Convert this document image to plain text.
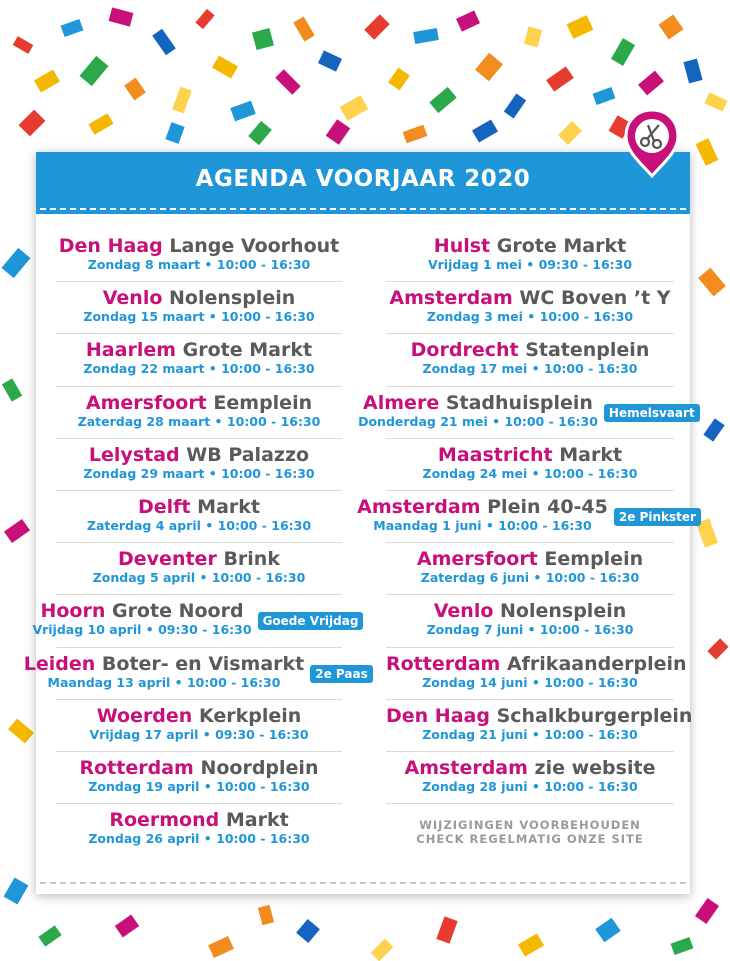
AGENDA VOORJAAR 2020
Den Haag Lange Voorhout
Zondag 8 maart • 10:00 - 16:30
Venlo Nolensplein
Zondag 15 maart • 10:00 - 16:30
Haarlem Grote Markt
Zondag 22 maart • 10:00 - 16:30
Amersfoort Eemplein
Zaterdag 28 maart • 10:00 - 16:30
Lelystad WB Palazzo
Zondag 29 maart • 10:00 - 16:30
Delft Markt
Zaterdag 4 april • 10:00 - 16:30
Deventer Brink
Zondag 5 april • 10:00 - 16:30
Hoorn Grote Noord
Vrijdag 10 april • 09:30 - 16:30
Goede Vrijdag
Leiden Boter- en Vismarkt
Maandag 13 april • 10:00 - 16:30
2e Paas
Woerden Kerkplein
Vrijdag 17 april • 09:30 - 16:30
Rotterdam Noordplein
Zondag 19 april • 10:00 - 16:30
Roermond Markt
Zondag 26 april • 10:00 - 16:30
Hulst Grote Markt
Vrijdag 1 mei • 09:30 - 16:30
Amsterdam WC Boven ’t Y
Zondag 3 mei • 10:00 - 16:30
Dordrecht Statenplein
Zondag 17 mei • 10:00 - 16:30
Almere Stadhuisplein
Donderdag 21 mei • 10:00 - 16:30
Hemelsvaart
Maastricht Markt
Zondag 24 mei • 10:00 - 16:30
Amsterdam Plein 40-45
Maandag 1 juni • 10:00 - 16:30
2e Pinkster
Amersfoort Eemplein
Zaterdag 6 juni • 10:00 - 16:30
Venlo Nolensplein
Zondag 7 juni • 10:00 - 16:30
Rotterdam Afrikaanderplein
Zondag 14 juni • 10:00 - 16:30
Den Haag Schalkburgerplein
Zondag 21 juni • 10:00 - 16:30
Amsterdam zie website
Zondag 28 juni • 10:00 - 16:30
WIJZIGINGEN VOORBEHOUDEN
CHECK REGELMATIG ONZE SITE
